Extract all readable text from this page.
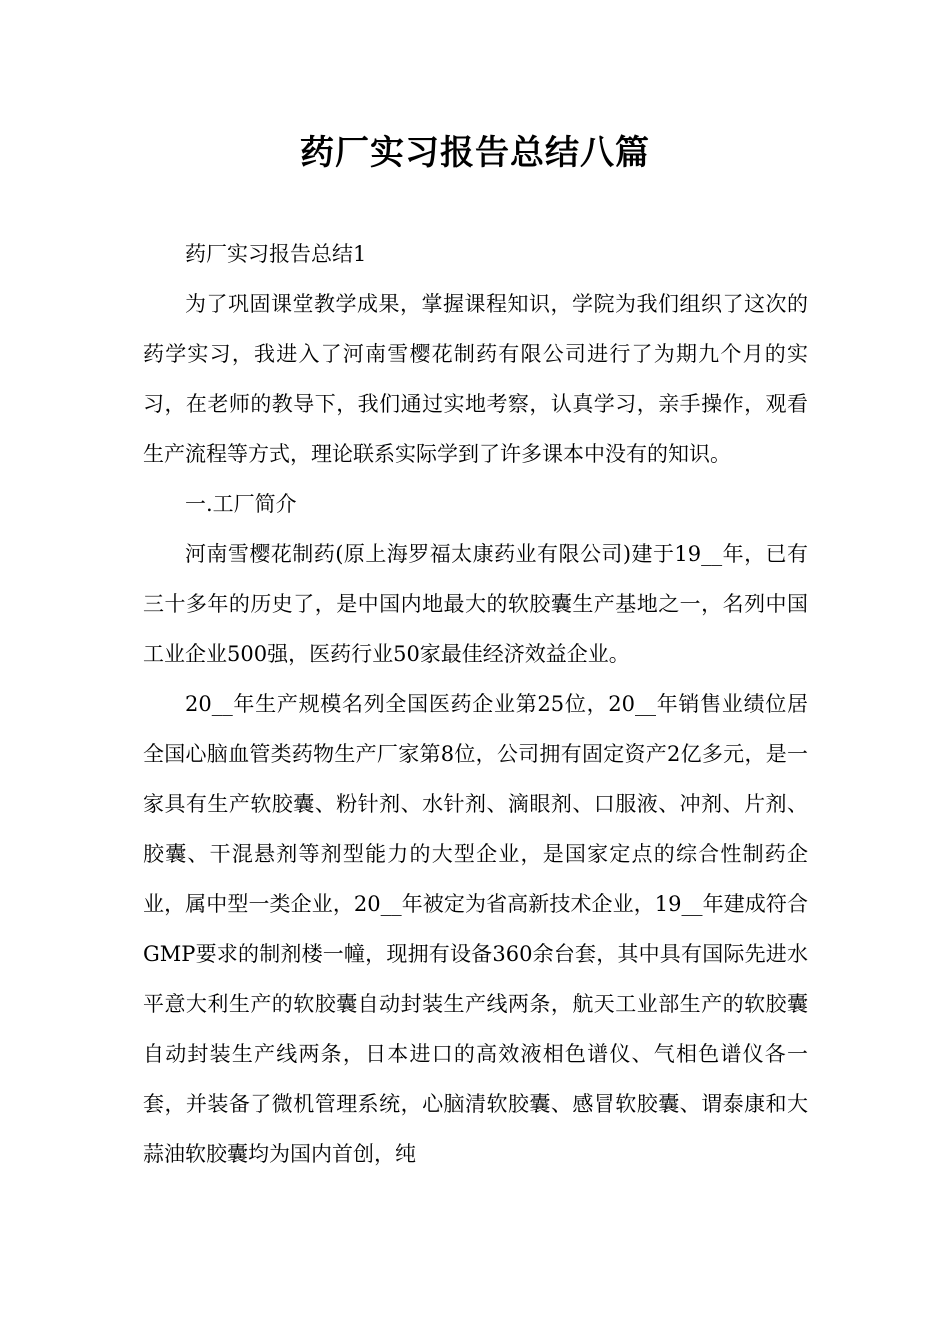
药厂实习报告总结八篇

药厂实习报告总结1

为了巩固课堂教学成果，掌握课程知识，学院为我们组织了这次的药学实习，我进入了河南雪樱花制药有限公司进行了为期九个月的实习，在老师的教导下，我们通过实地考察，认真学习，亲手操作，观看生产流程等方式，理论联系实际学到了许多课本中没有的知识。

一.工厂简介

河南雪樱花制药(原上海罗福太康药业有限公司)建于19__年，已有三十多年的历史了，是中国内地最大的软胶囊生产基地之一，名列中国工业企业500强，医药行业50家最佳经济效益企业。

20__年生产规模名列全国医药企业第25位，20__年销售业绩位居全国心脑血管类药物生产厂家第8位，公司拥有固定资产2亿多元，是一家具有生产软胶囊、粉针剂、水针剂、滴眼剂、口服液、冲剂、片剂、胶囊、干混悬剂等剂型能力的大型企业，是国家定点的综合性制药企业，属中型一类企业，20__年被定为省高新技术企业，19__年建成符合GMP要求的制剂楼一幢，现拥有设备360余台套，其中具有国际先进水平意大利生产的软胶囊自动封装生产线两条，航天工业部生产的软胶囊自动封装生产线两条，日本进口的高效液相色谱仪、气相色谱仪各一套，并装备了微机管理系统，心脑清软胶囊、感冒软胶囊、谓泰康和大蒜油软胶囊均为国内首创，纯
